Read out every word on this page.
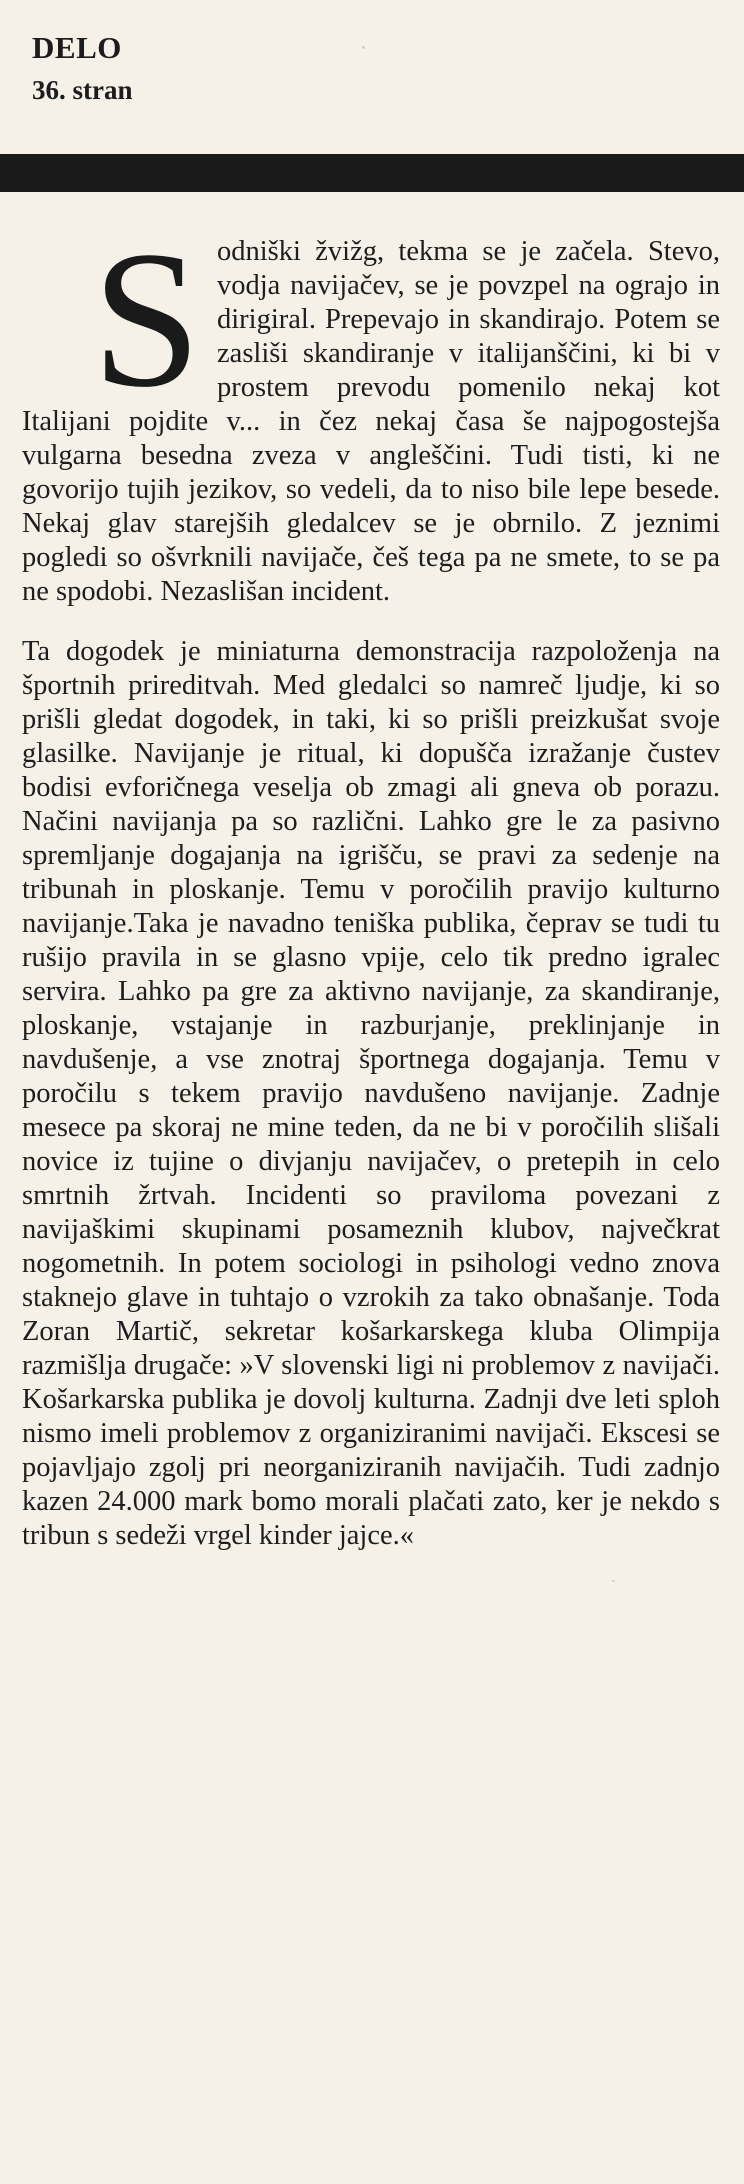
DELO
36. stran

Sodniški žvižg, tekma se je začela. Stevo, vodja navijačev, se je povzpel na ograjo in dirigiral. Prepevajo in skandirajo. Potem se zasliši skandiranje v italijanščini, ki bi v prostem prevodu pomenilo nekaj kot Italijani pojdite v... in čez nekaj časa še najpogostejša vulgarna besedna zveza v angleščini. Tudi tisti, ki ne govorijo tujih jezikov, so vedeli, da to niso bile lepe besede. Nekaj glav starejših gledalcev se je obrnilo. Z jeznimi pogledi so ošvrknili navijače, češ tega pa ne smete, to se pa ne spodobi. Nezaslišan incident.

Ta dogodek je miniaturna demonstracija razpoloženja na športnih prireditvah. Med gledalci so namreč ljudje, ki so prišli gledat dogodek, in taki, ki so prišli preizkušat svoje glasilke. Navijanje je ritual, ki dopušča izražanje čustev bodisi evforičnega veselja ob zmagi ali gneva ob porazu. Načini navijanja pa so različni. Lahko gre le za pasivno spremljanje dogajanja na igrišču, se pravi za sedenje na tribunah in ploskanje. Temu v poročilih pravijo kulturno navijanje.Taka je navadno teniška publika, čeprav se tudi tu rušijo pravila in se glasno vpije, celo tik predno igralec servira. Lahko pa gre za aktivno navijanje, za skandiranje, ploskanje, vstajanje in razburjanje, preklinjanje in navdušenje, a vse znotraj športnega dogajanja. Temu v poročilu s tekem pravijo navdušeno navijanje. Zadnje mesece pa skoraj ne mine teden, da ne bi v poročilih slišali novice iz tujine o divjanju navijačev, o pretepih in celo smrtnih žrtvah. Incidenti so praviloma povezani z navijaškimi skupinami posameznih klubov, največkrat nogometnih. In potem sociologi in psihologi vedno znova staknejo glave in tuhtajo o vzrokih za tako obnašanje. Toda Zoran Martič, sekretar košarkarskega kluba Olimpija razmišlja drugače: »V slovenski ligi ni problemov z navijači. Košarkarska publika je dovolj kulturna. Zadnji dve leti sploh nismo imeli problemov z organiziranimi navijači. Ekscesi se pojavljajo zgolj pri neorganiziranih navijačih. Tudi zadnjo kazen 24.000 mark bomo morali plačati zato, ker je nekdo s tribun s sedeži vrgel kinder jajce.«
